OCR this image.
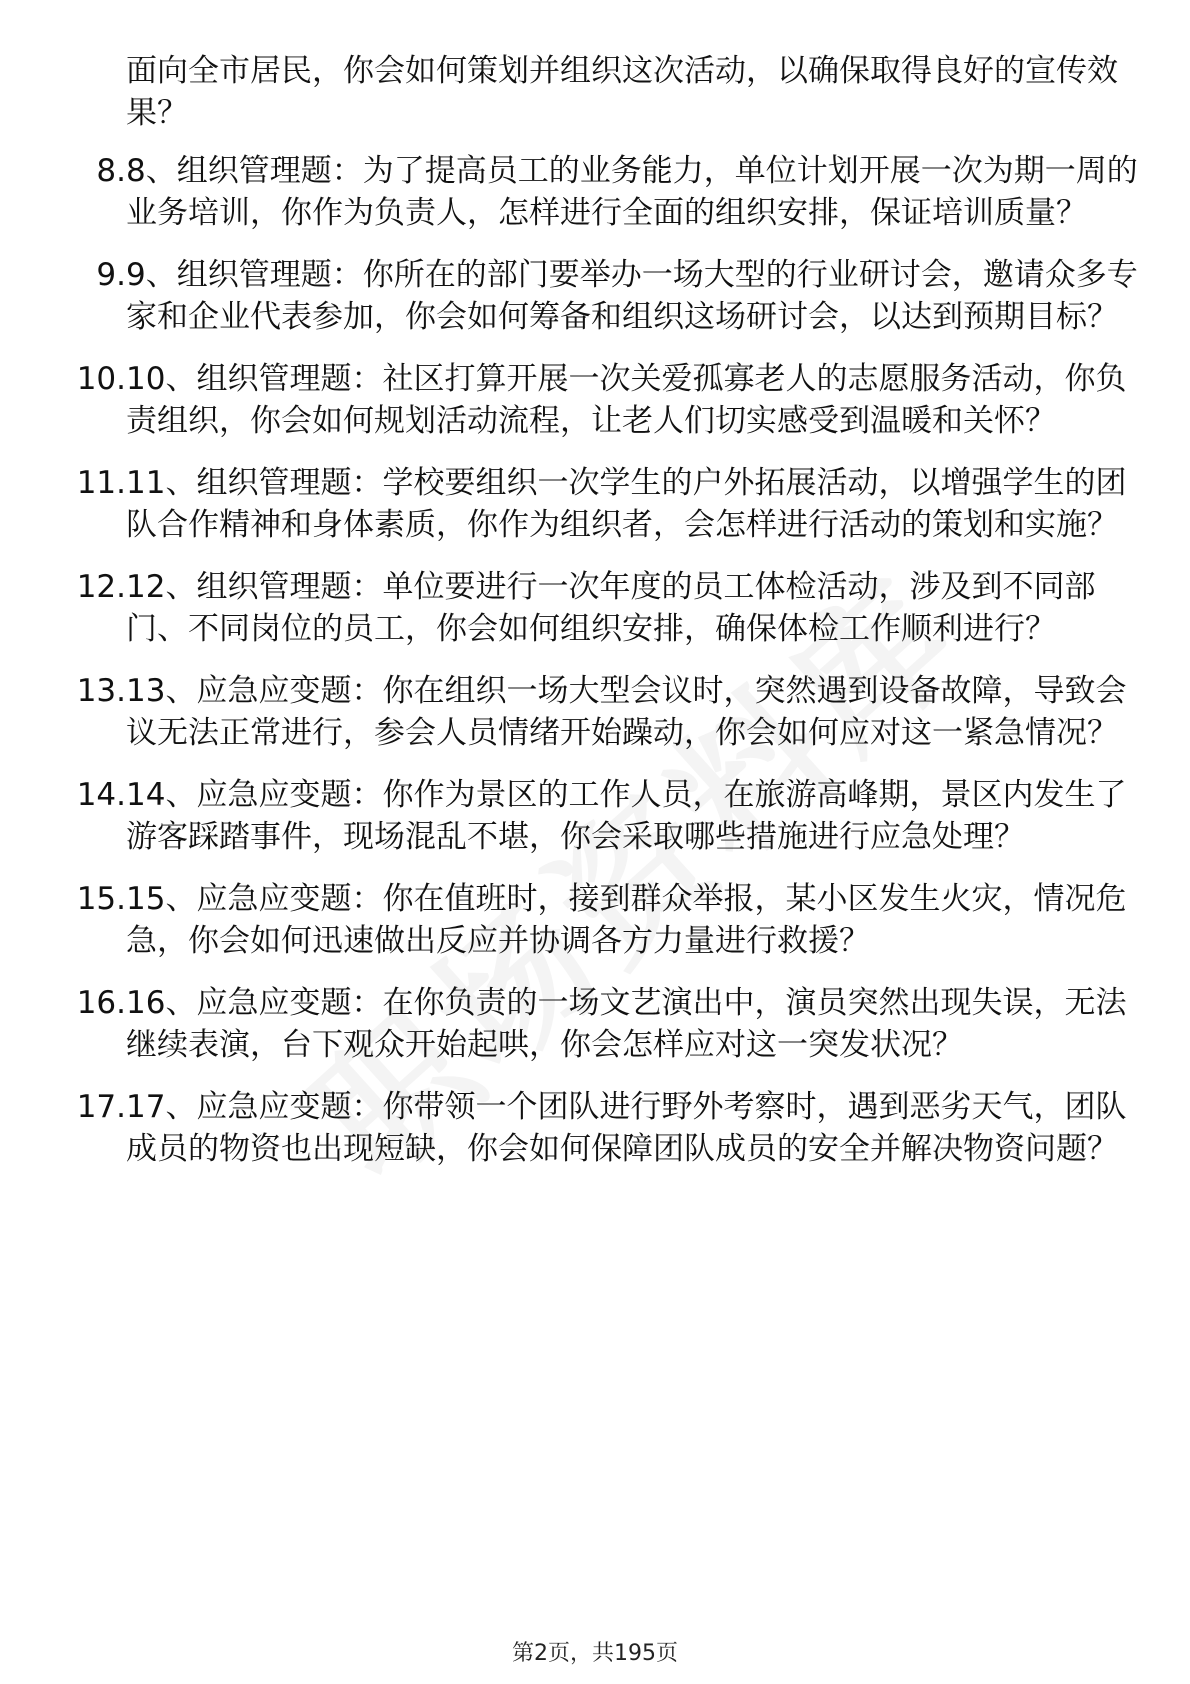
面向全市居民，你会如何策划并组织这次活动，以确保取得良好的宣传效果？

8. 8、组织管理题：为了提高员工的业务能力，单位计划开展一次为期一周的业务培训，你作为负责人，怎样进行全面的组织安排，保证培训质量？
9. 9、组织管理题：你所在的部门要举办一场大型的行业研讨会，邀请众多专家和企业代表参加，你会如何筹备和组织这场研讨会，以达到预期目标？
10. 10、组织管理题：社区打算开展一次关爱孤寡老人的志愿服务活动，你负责组织，你会如何规划活动流程，让老人们切实感受到温暖和关怀？
11. 11、组织管理题：学校要组织一次学生的户外拓展活动，以增强学生的团队合作精神和身体素质，你作为组织者，会怎样进行活动的策划和实施？
12. 12、组织管理题：单位要进行一次年度的员工体检活动，涉及到不同部门、不同岗位的员工，你会如何组织安排，确保体检工作顺利进行？
13. 13、应急应变题：你在组织一场大型会议时，突然遇到设备故障，导致会议无法正常进行，参会人员情绪开始躁动，你会如何应对这一紧急情况？
14. 14、应急应变题：你作为景区的工作人员，在旅游高峰期，景区内发生了游客踩踏事件，现场混乱不堪，你会采取哪些措施进行应急处理？
15. 15、应急应变题：你在值班时，接到群众举报，某小区发生火灾，情况危急，你会如何迅速做出反应并协调各方力量进行救援？
16. 16、应急应变题：在你负责的一场文艺演出中，演员突然出现失误，无法继续表演，台下观众开始起哄，你会怎样应对这一突发状况？
17. 17、应急应变题：你带领一个团队进行野外考察时，遇到恶劣天气，团队成员的物资也出现短缺，你会如何保障团队成员的安全并解决物资问题？
第2页，共195页
